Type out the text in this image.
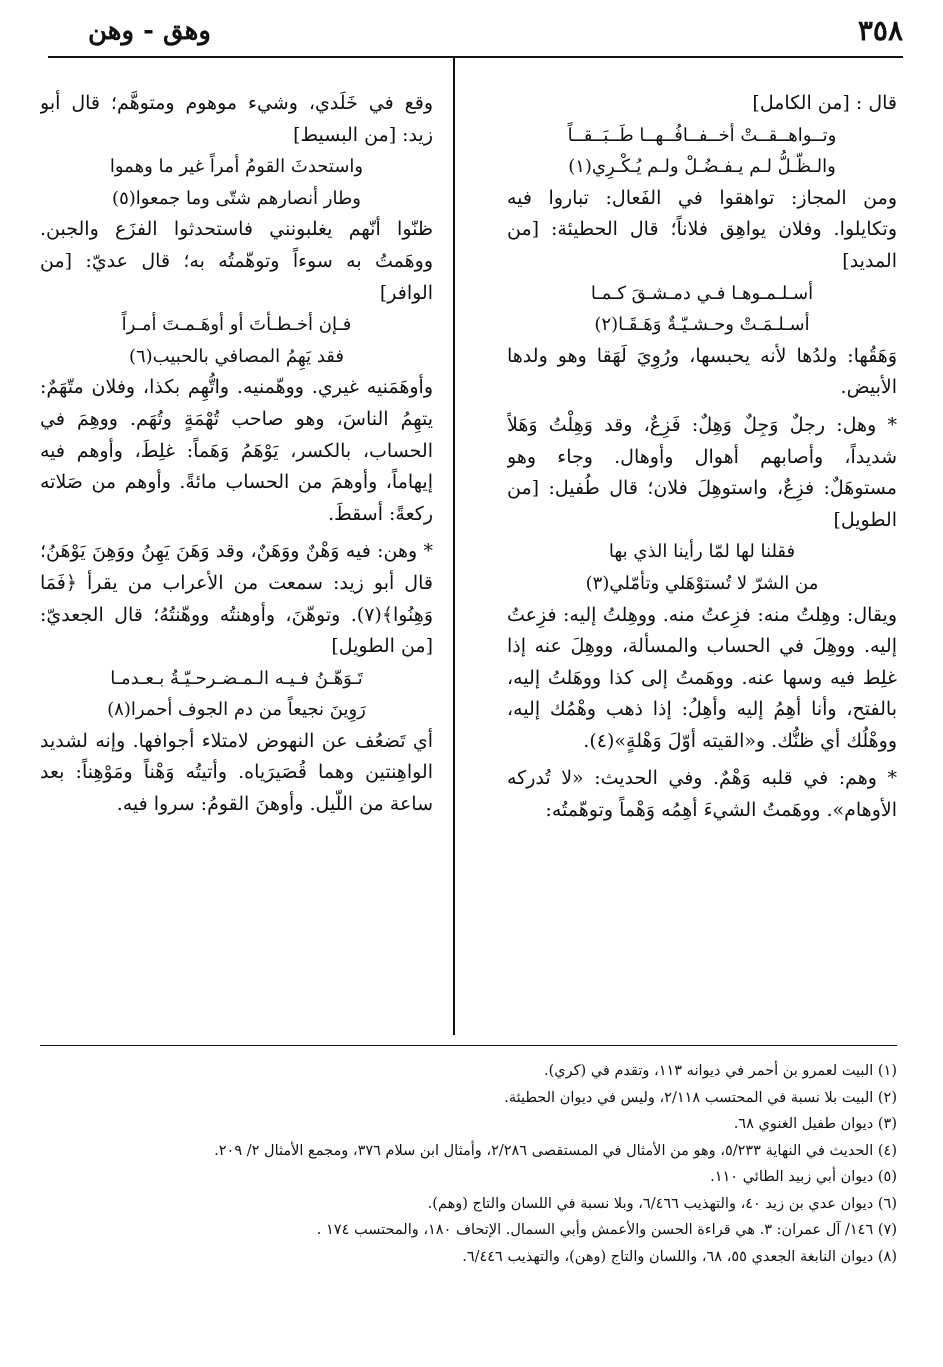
٣٥٨
وهق - وهن

قال : [من الكامل]

وتــواهــقــتْ أخــفــافُــهــا طَــبَــقــاً

والـظّـلُّ لـم يـفـضُـلْ ولـم يُـكْـرِي(١)

ومن المجاز: تواهقوا في الفَعال: تباروا فيه وتكايلوا. وفلان يواهِق فلاناً؛ قال الحطيئة: [من المديد]

أسـلـمـوهـا فـي دمـشـقَ كـمـا

أسـلـمَـتْ وحـشـيّـةٌ وَهَـقَـا(٢)

وَهَقُها: ولدُها لأنه يحبسها، ورُوِيَ لَهَقا وهو ولدها الأبيض.

* وهل: رجلٌ وَجِلٌ وَهِلٌ: فَزِعٌ، وقد وَهِلْتُ وَهَلاً شديداً، وأصابهم أهوال وأوهال. وجاء وهو مستوهَلٌ: فزِعٌ، واستوهِلَ فلان؛ قال طُفيل: [من الطويل]

فقلنا لها لمّا رأينا الذي بها

من الشرّ لا تُستوْهَلي وتأمّلي(٣)

ويقال: وهِلتُ منه: فزِعتُ منه. ووهِلتُ إليه: فزِعتُ إليه. ووهِلَ في الحساب والمسألة، ووهِلَ عنه إذا غلِط فيه وسها عنه. ووهَمتُ إلى كذا ووهَلتُ إليه، بالفتح، وأنا أهِمُ إليه وأهِلُ: إذا ذهب وهْمُك إليه، ووهْلُك أي ظنُّك. و«القيته أوّلَ وَهْلةٍ»(٤).

* وهم: في قلبه وَهْمٌ. وفي الحديث: «لا تُدركه الأوهام». ووهَمتُ الشيءَ أهِمُه وَهْماً وتوهّمتُه:

وقع في خَلَدي، وشيء موهوم ومتوهَّم؛ قال أبو زيد: [من البسيط]

واستحدثَ القومُ أمراً غير ما وهموا

وطار أنصارهم شتّى وما جمعوا(٥)

ظنّوا أنّهم يغلبونني فاستحدثوا الفزَع والجبن. ووهَمتُ به سوءاً وتوهّمتُه به؛ قال عديّ: [من الوافر]

فـإن أخـطـأتَ أو أوهَـمـتَ أمـراً

فقد يَهِمُ المصافي بالحبيب(٦)

وأوهَمَنيه غيري. ووهّمنيه. واتُّهِم بكذا، وفلان متّهَمٌ: يتهِمُ الناسَ، وهو صاحب تُهْمَةٍ وتُهَم. ووهِمَ في الحساب، بالكسر، يَوْهَمُ وَهَماً: غلِطَ، وأوهم فيه إيهاماً، وأوهمَ من الحساب مائةً. وأوهم من صَلاته ركعةً: أسقطَ.

* وهن: فيه وَهْنٌ ووَهَنٌ، وقد وَهَنَ يَهِنُ ووَهِنَ يَوْهَنُ؛ قال أبو زيد: سمعت من الأعراب من يقرأ ﴿فَمَا وَهِنُوا﴾(٧). وتوهّنَ، وأوهنتُه ووهّنتُهُ؛ قال الجعديّ: [من الطويل]

تَـوَهّـنُ فـيـه الـمـضـرحـيّـةُ بـعـدمـا

رَوِينَ نجيعاً من دم الجوف أحمرا(٨)

أي تَضعُف عن النهوض لامتلاء أجوافها. وإنه لشديد الواهِنتين وهما قُصَيرَياه. وأتيتُه وَهْناً ومَوْهِناً: بعد ساعة من اللّيل. وأوهنَ القومُ: سروا فيه.

(١) البيت لعمرو بن أحمر في ديوانه ١١٣، وتقدم في (كري).

(٢) البيت بلا نسبة في المحتسب ٢/١١٨، وليس في ديوان الحطيئة.

(٣) ديوان طفيل الغنوي ٦٨.

(٤) الحديث في النهاية ٥/٢٣٣، وهو من الأمثال في المستقصى ٢/٢٨٦، وأمثال ابن سلام ٣٧٦، ومجمع الأمثال ٢/ ٢٠٩.

(٥) ديوان أبي زبيد الطائي ١١٠.

(٦) ديوان عدي بن زيد ٤٠، والتهذيب ٦/٤٦٦، وبلا نسبة في اللسان والتاج (وهم).

(٧) ١٤٦/ آل عمران: ٣. هي قراءة الحسن والأعمش وأبي السمال. الإتحاف ١٨٠، والمحتسب ١٧٤ .

(٨) ديوان النابغة الجعدي ٥٥، ٦٨، واللسان والتاج (وهن)، والتهذيب ٦/٤٤٦.
